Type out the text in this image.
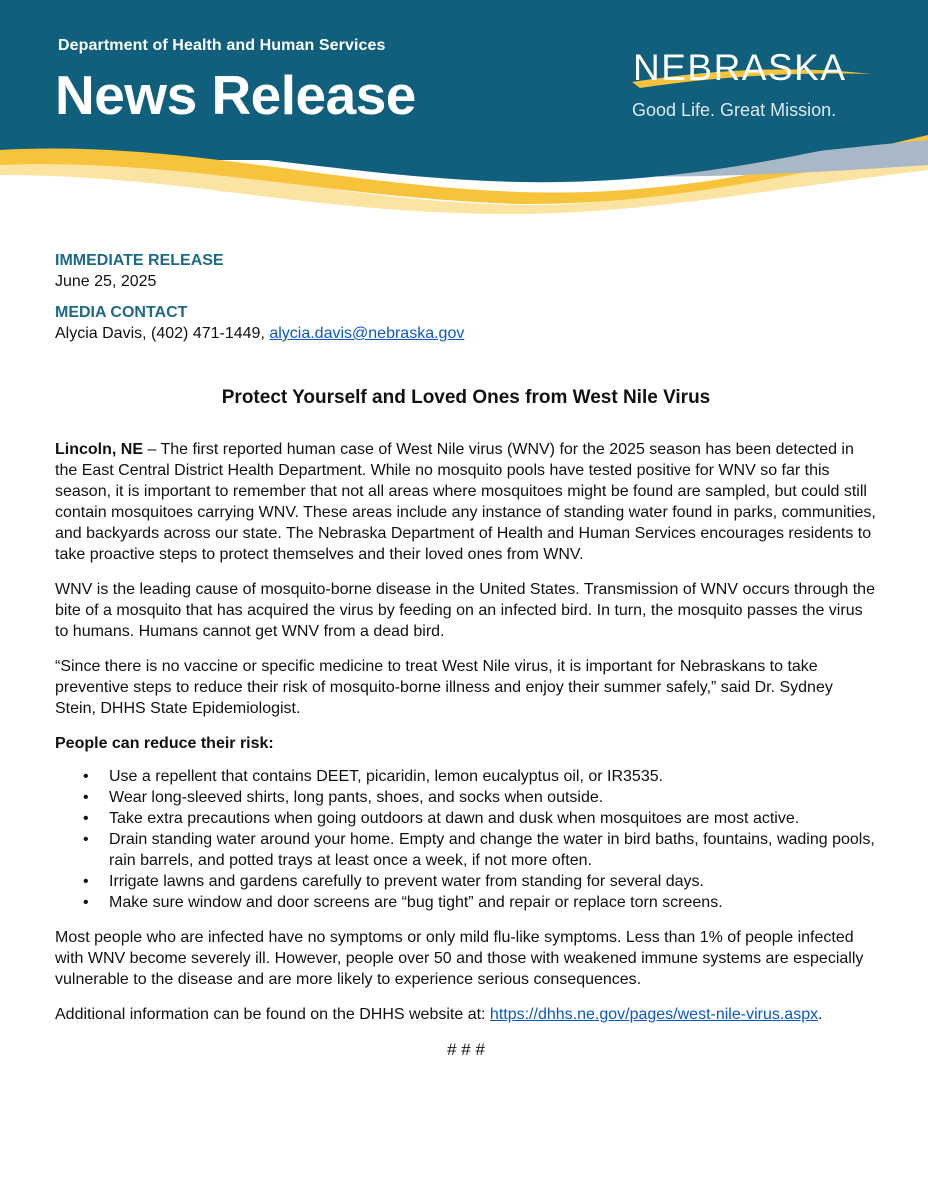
Department of Health and Human Services
News Release	NEBRASKA
Good Life. Great Mission.
IMMEDIATE RELEASE
June 25, 2025
MEDIA CONTACT
Alycia Davis, (402) 471-1449, alycia.davis@nebraska.gov
Protect Yourself and Loved Ones from West Nile Virus

Lincoln, NE – The first reported human case of West Nile virus (WNV) for the 2025 season has been detected in the East Central District Health Department. While no mosquito pools have tested positive for WNV so far this season, it is important to remember that not all areas where mosquitoes might be found are sampled, but could still contain mosquitoes carrying WNV. These areas include any instance of standing water found in parks, communities, and backyards across our state. The Nebraska Department of Health and Human Services encourages residents to take proactive steps to protect themselves and their loved ones from WNV.

WNV is the leading cause of mosquito-borne disease in the United States. Transmission of WNV occurs through the bite of a mosquito that has acquired the virus by feeding on an infected bird. In turn, the mosquito passes the virus to humans. Humans cannot get WNV from a dead bird.

“Since there is no vaccine or specific medicine to treat West Nile virus, it is important for Nebraskans to take preventive steps to reduce their risk of mosquito-borne illness and enjoy their summer safely,” said Dr. Sydney Stein, DHHS State Epidemiologist.

People can reduce their risk:
• Use a repellent that contains DEET, picaridin, lemon eucalyptus oil, or IR3535.
• Wear long-sleeved shirts, long pants, shoes, and socks when outside.
• Take extra precautions when going outdoors at dawn and dusk when mosquitoes are most active.
• Drain standing water around your home. Empty and change the water in bird baths, fountains, wading pools, rain barrels, and potted trays at least once a week, if not more often.
• Irrigate lawns and gardens carefully to prevent water from standing for several days.
• Make sure window and door screens are “bug tight” and repair or replace torn screens.

Most people who are infected have no symptoms or only mild flu-like symptoms. Less than 1% of people infected with WNV become severely ill. However, people over 50 and those with weakened immune systems are especially vulnerable to the disease and are more likely to experience serious consequences.

Additional information can be found on the DHHS website at: https://dhhs.ne.gov/pages/west-nile-virus.aspx.

# # #
